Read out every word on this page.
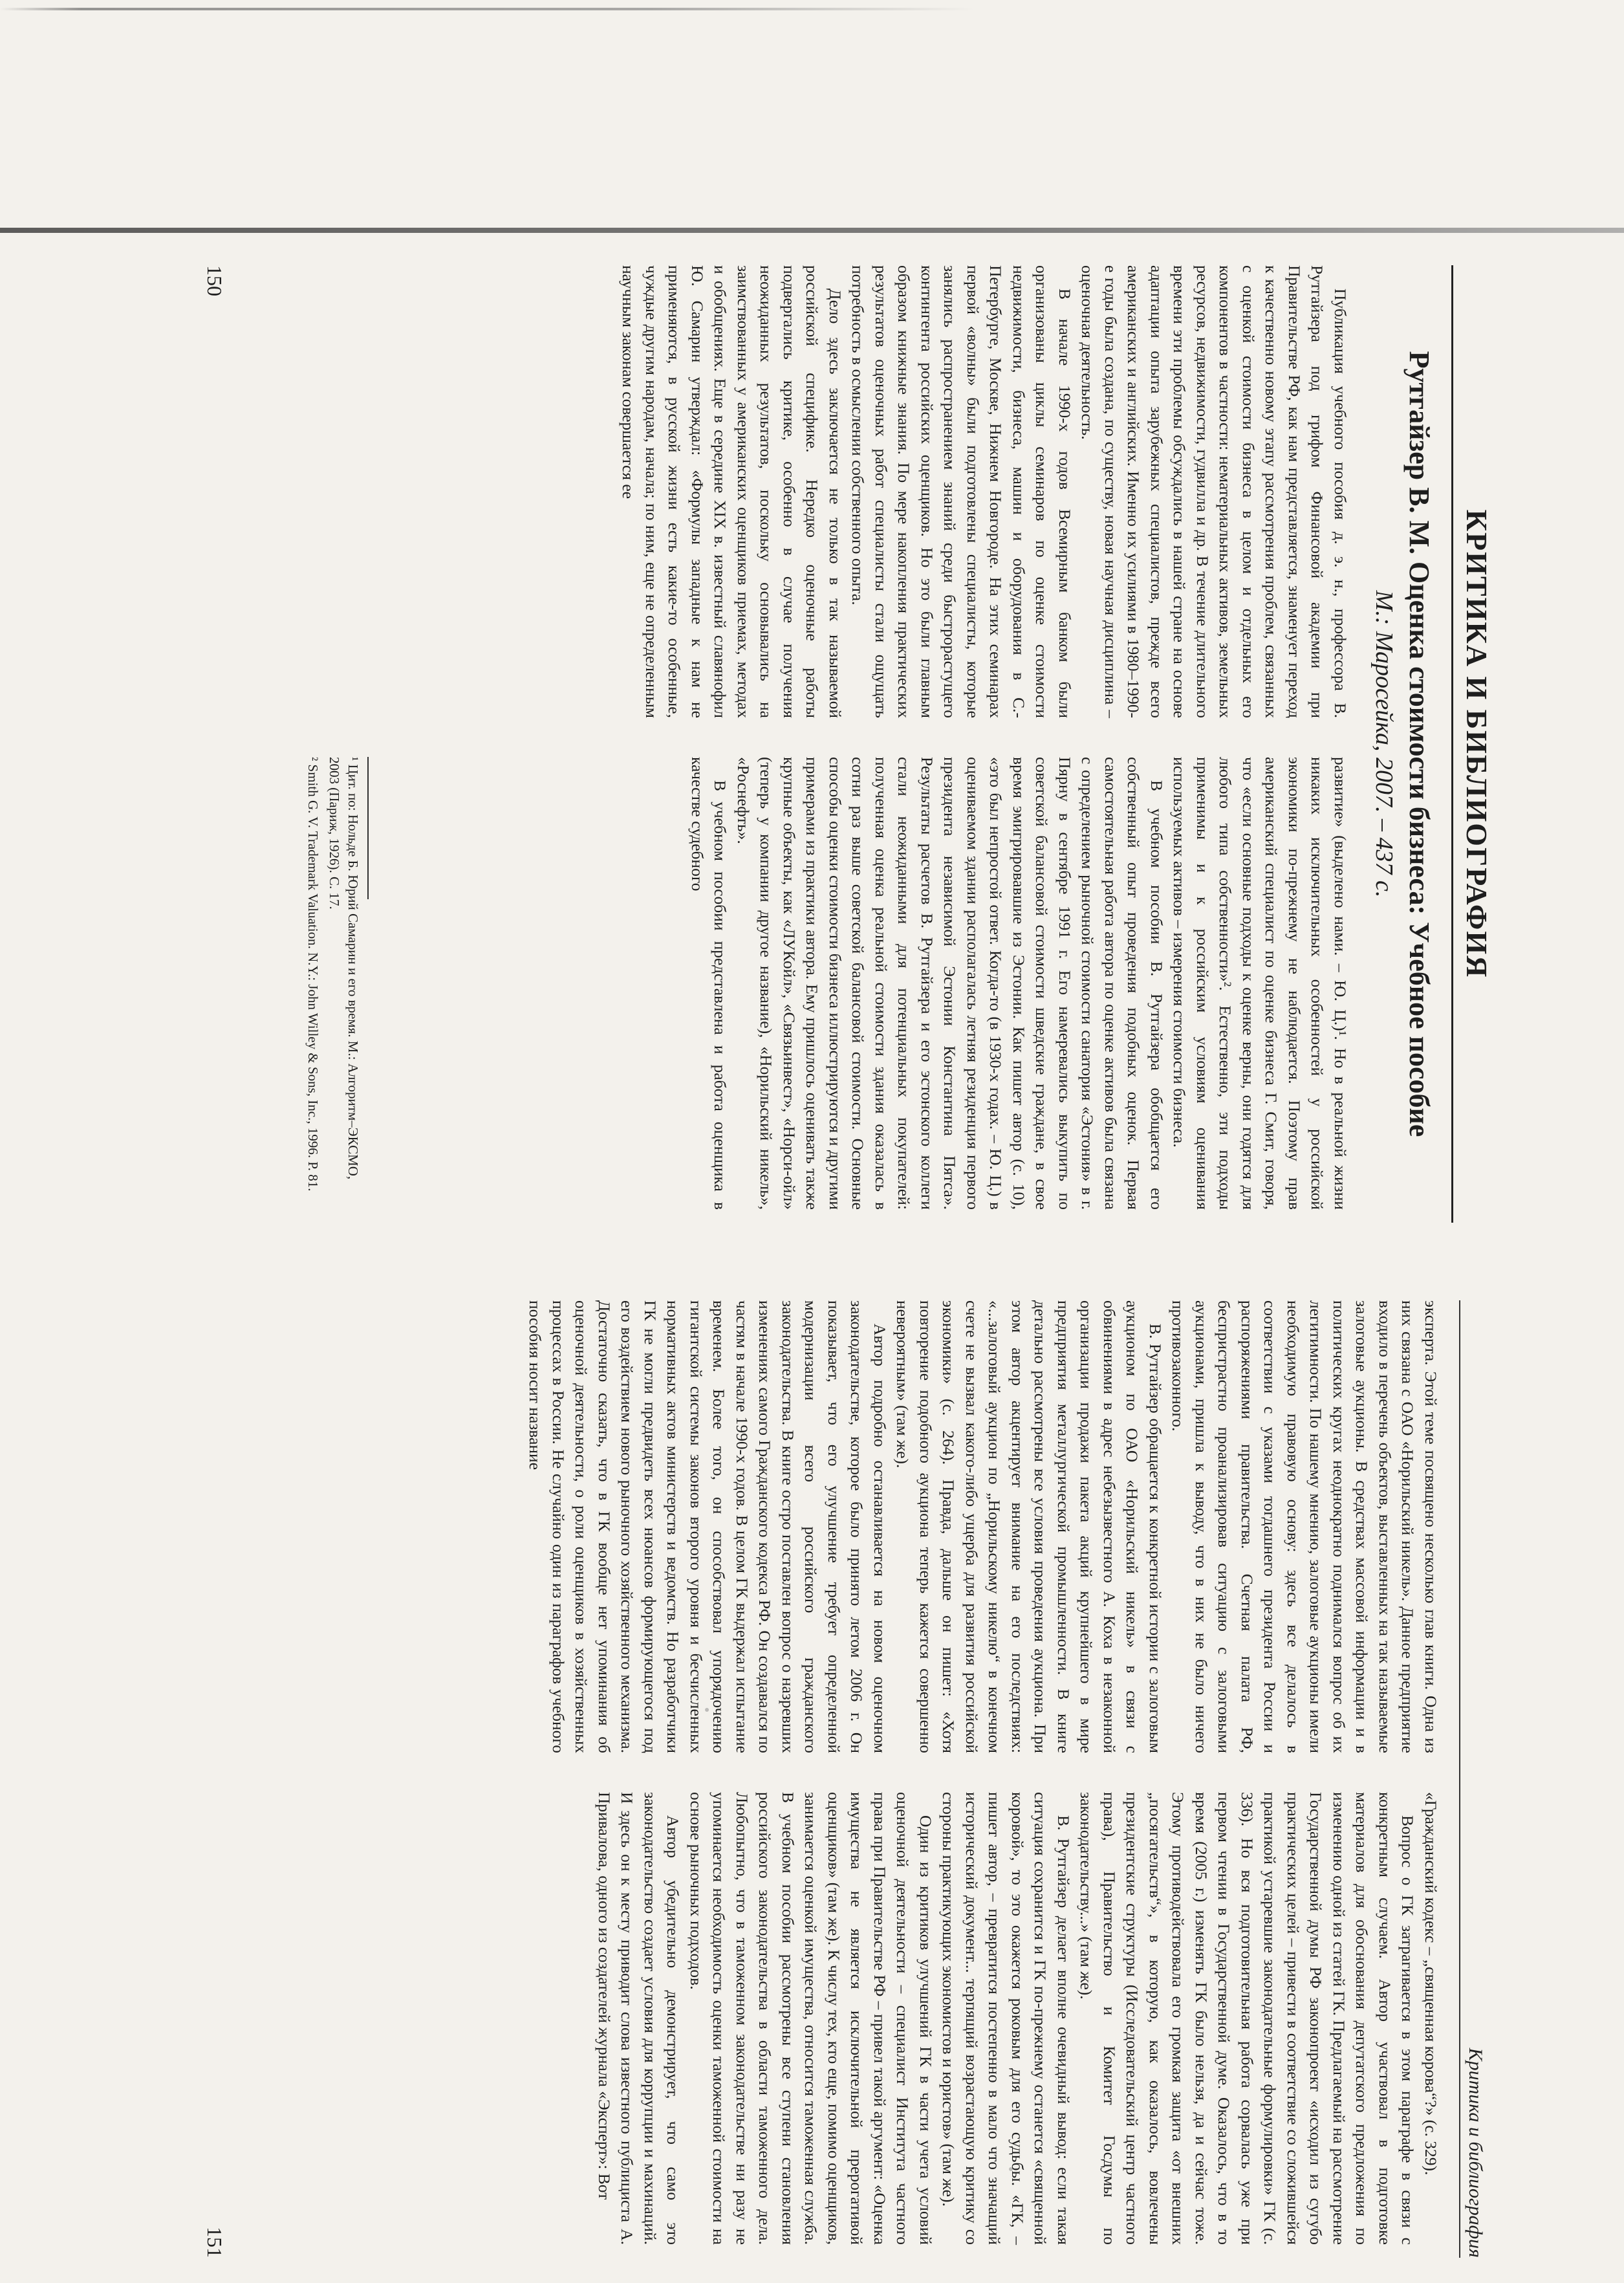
КРИТИКА И БИБЛИОГРАФИЯ
Рутгайзер В. М. Оценка стоимости бизнеса: Учебное пособие
М.: Маросейка, 2007. – 437 с.

Публикация учебного пособия д. э. н., профессора В. Рутгайзера под грифом Финансовой академии при Правительстве РФ, как нам представляется, знаменует переход к качественно новому этапу рассмотрения проблем, связанных с оценкой стоимости бизнеса в целом и отдельных его компонентов в частности: нематериальных активов, земельных ресурсов, недвижимости, гудвилла и др. В течение длительного времени эти проблемы обсуждались в нашей стране на основе адаптации опыта зарубежных специалистов, прежде всего американских и английских. Именно их усилиями в 1980–1990-е годы была создана, по существу, новая научная дисциплина – оценочная деятельность.

В начале 1990-х годов Всемирным банком были организованы циклы семинаров по оценке стоимости недвижимости, бизнеса, машин и оборудования в С.-Петербурге, Москве, Нижнем Новгороде. На этих семинарах первой «волны» были подготовлены специалисты, которые занялись распространением знаний среди быстрорастущего контингента российских оценщиков. Но это были главным образом книжные знания. По мере накопления практических результатов оценочных работ специалисты стали ощущать потребность в осмыслении собственного опыта.

Дело здесь заключается не только в так называемой российской специфике. Нередко оценочные работы подвергались критике, особенно в случае получения неожиданных результатов, поскольку основывались на заимствованных у американских оценщиков приемах, методах и обобщениях. Еще в середине XIX в. известный славянофил Ю. Самарин утверждал: «Формулы западные к нам не применяются, в русской жизни есть какие-то особенные, чуждые другим народам, начала; по ним, еще не определенным научным законам совершается ее

развитие» (выделено нами. – Ю. Ц.)¹. Но в реальной жизни никаких исключительных особенностей у российской экономики по-прежнему не наблюдается. Поэтому прав американский специалист по оценке бизнеса Г. Смит, говоря, что «если основные подходы к оценке верны, они годятся для любого типа собственности»². Естественно, эти подходы применимы и к российским условиям оценивания используемых активов – измерения стоимости бизнеса.

В учебном пособии В. Рутгайзера обобщается его собственный опыт проведения подобных оценок. Первая самостоятельная работа автора по оценке активов была связана с определением рыночной стоимости санатория «Эстония» в г. Пярну в сентябре 1991 г. Его намеревались выкупить по советской балансовой стоимости шведские граждане, в свое время эмигрировавшие из Эстонии. Как пишет автор (с. 10), «это был непростой ответ. Когда-то (в 1930-х годах. – Ю. Ц.) в оцениваемом здании располагалась летняя резиденция первого президента независимой Эстонии Константина Пятса». Результаты расчетов В. Рутгайзера и его эстонского коллеги стали неожиданными для потенциальных покупателей: полученная оценка реальной стоимости здания оказалась в сотни раз выше советской балансовой стоимости. Основные способы оценки стоимости бизнеса иллюстрируются и другими примерами из практики автора. Ему пришлось оценивать также крупные объекты, как «ЛУКойл», «Связьинвест», «Норси-ойл» (теперь у компании другое название), «Норильский никель», «Роснефть».

В учебном пособии представлена и работа оценщика в качестве судебного

¹ Цит. по: Нольде Б. Юрий Самарин и его время. М.: Алгоритм–ЭКСМО, 2003 (Париж, 1926). С. 17.

² Smith G. V. Trademark Valuation. N.Y.: John Willey & Sons, Inc., 1996. P. 81.

150
Критика и библиография

эксперта. Этой теме посвящено несколько глав книги. Одна из них связана с ОАО «Норильский никель». Данное предприятие входило в перечень объектов, выставленных на так называемые залоговые аукционы. В средствах массовой информации и в политических кругах неоднократно поднимался вопрос об их легитимности. По нашему мнению, залоговые аукционы имели необходимую правовую основу: здесь все делалось в соответствии с указами тогдашнего президента России и распоряжениями правительства. Счетная палата РФ, беспристрастно проанализировав ситуацию с залоговыми аукционами, пришла к выводу, что в них не было ничего противозаконного.

В. Рутгайзер обращается к конкретной истории с залоговым аукционом по ОАО «Норильский никель» в связи с обвинениями в адрес небезызвестного А. Коха в незаконной организации продажи пакета акций крупнейшего в мире предприятия металлургической промышленности. В книге детально рассмотрены все условия проведения аукциона. При этом автор акцентирует внимание на его последствиях: «...залоговый аукцион по „Норильскому никелю“ в конечном счете не вызвал какого-либо ущерба для развития российской экономики» (с. 264). Правда, дальше он пишет: «Хотя повторение подобного аукциона теперь кажется совершенно невероятным» (там же).

Автор подробно останавливается на новом оценочном законодательстве, которое было принято летом 2006 г. Он показывает, что его улучшение требует определенной модернизации всего российского гражданского законодательства. В книге остро поставлен вопрос о назревших изменениях самого Гражданского кодекса РФ. Он создавался по частям в начале 1990-х годов. В целом ГК выдержал испытание временем. Более того, он способствовал упорядочению гигантской системы законов второго уровня и бесчисленных нормативных актов министерств и ведомств. Но разработчики ГК не могли предвидеть всех нюансов формирующегося под его воздействием нового рыночного хозяйственного механизма. Достаточно сказать, что в ГК вообще нет упоминания об оценочной деятельности, о роли оценщиков в хозяйственных процессах в России. Не случайно один из параграфов учебного пособия носит название

«Гражданский кодекс – „священная корова“?» (с. 329).

Вопрос о ГК затрагивается в этом параграфе в связи с конкретным случаем. Автор участвовал в подготовке материалов для обоснования депутатского предложения по изменению одной из статей ГК. Предлагаемый на рассмотрение Государственной думы РФ законопроект «исходил из сугубо практических целей – привести в соответствие со сложившейся практикой устаревшие законодательные формулировки» ГК (с. 336). Но вся подготовительная работа сорвалась уже при первом чтении в Государственной думе. Оказалось, что в то время (2005 г.) изменять ГК было нельзя, да и сейчас тоже. Этому противодействовала его громкая защита «от внешних „посягательств“», в которую, как оказалось, вовлечены президентские структуры (Исследовательский центр частного права), Правительство и Комитет Госдумы по законодательству...» (там же).

В. Рутгайзер делает вполне очевидный вывод: если такая ситуация сохранится и ГК по-прежнему останется «священной коровой», то это окажется роковым для его судьбы. «ГК, – пишет автор, – превратится постепенно в мало что значащий исторический документ... терпящий возрастающую критику со стороны практикующих экономистов и юристов» (там же).

Один из критиков улучшений ГК в части учета условий оценочной деятельности – специалист Института частного права при Правительстве РФ – привел такой аргумент: «Оценка имущества не является исключительной прерогативой оценщиков» (там же). К числу тех, кто еще, помимо оценщиков, занимается оценкой имущества, относится таможенная служба. В учебном пособии рассмотрены все ступени становления российского законодательства в области таможенного дела. Любопытно, что в таможенном законодательстве ни разу не упоминается необходимость оценки таможенной стоимости на основе рыночных подходов.

Автор убедительно демонстрирует, что само это законодательство создает условия для коррупции и махинаций. И здесь он к месту приводит слова известного публициста А. Привалова, одного из создателей журнала «Эксперт»: Вот

151
